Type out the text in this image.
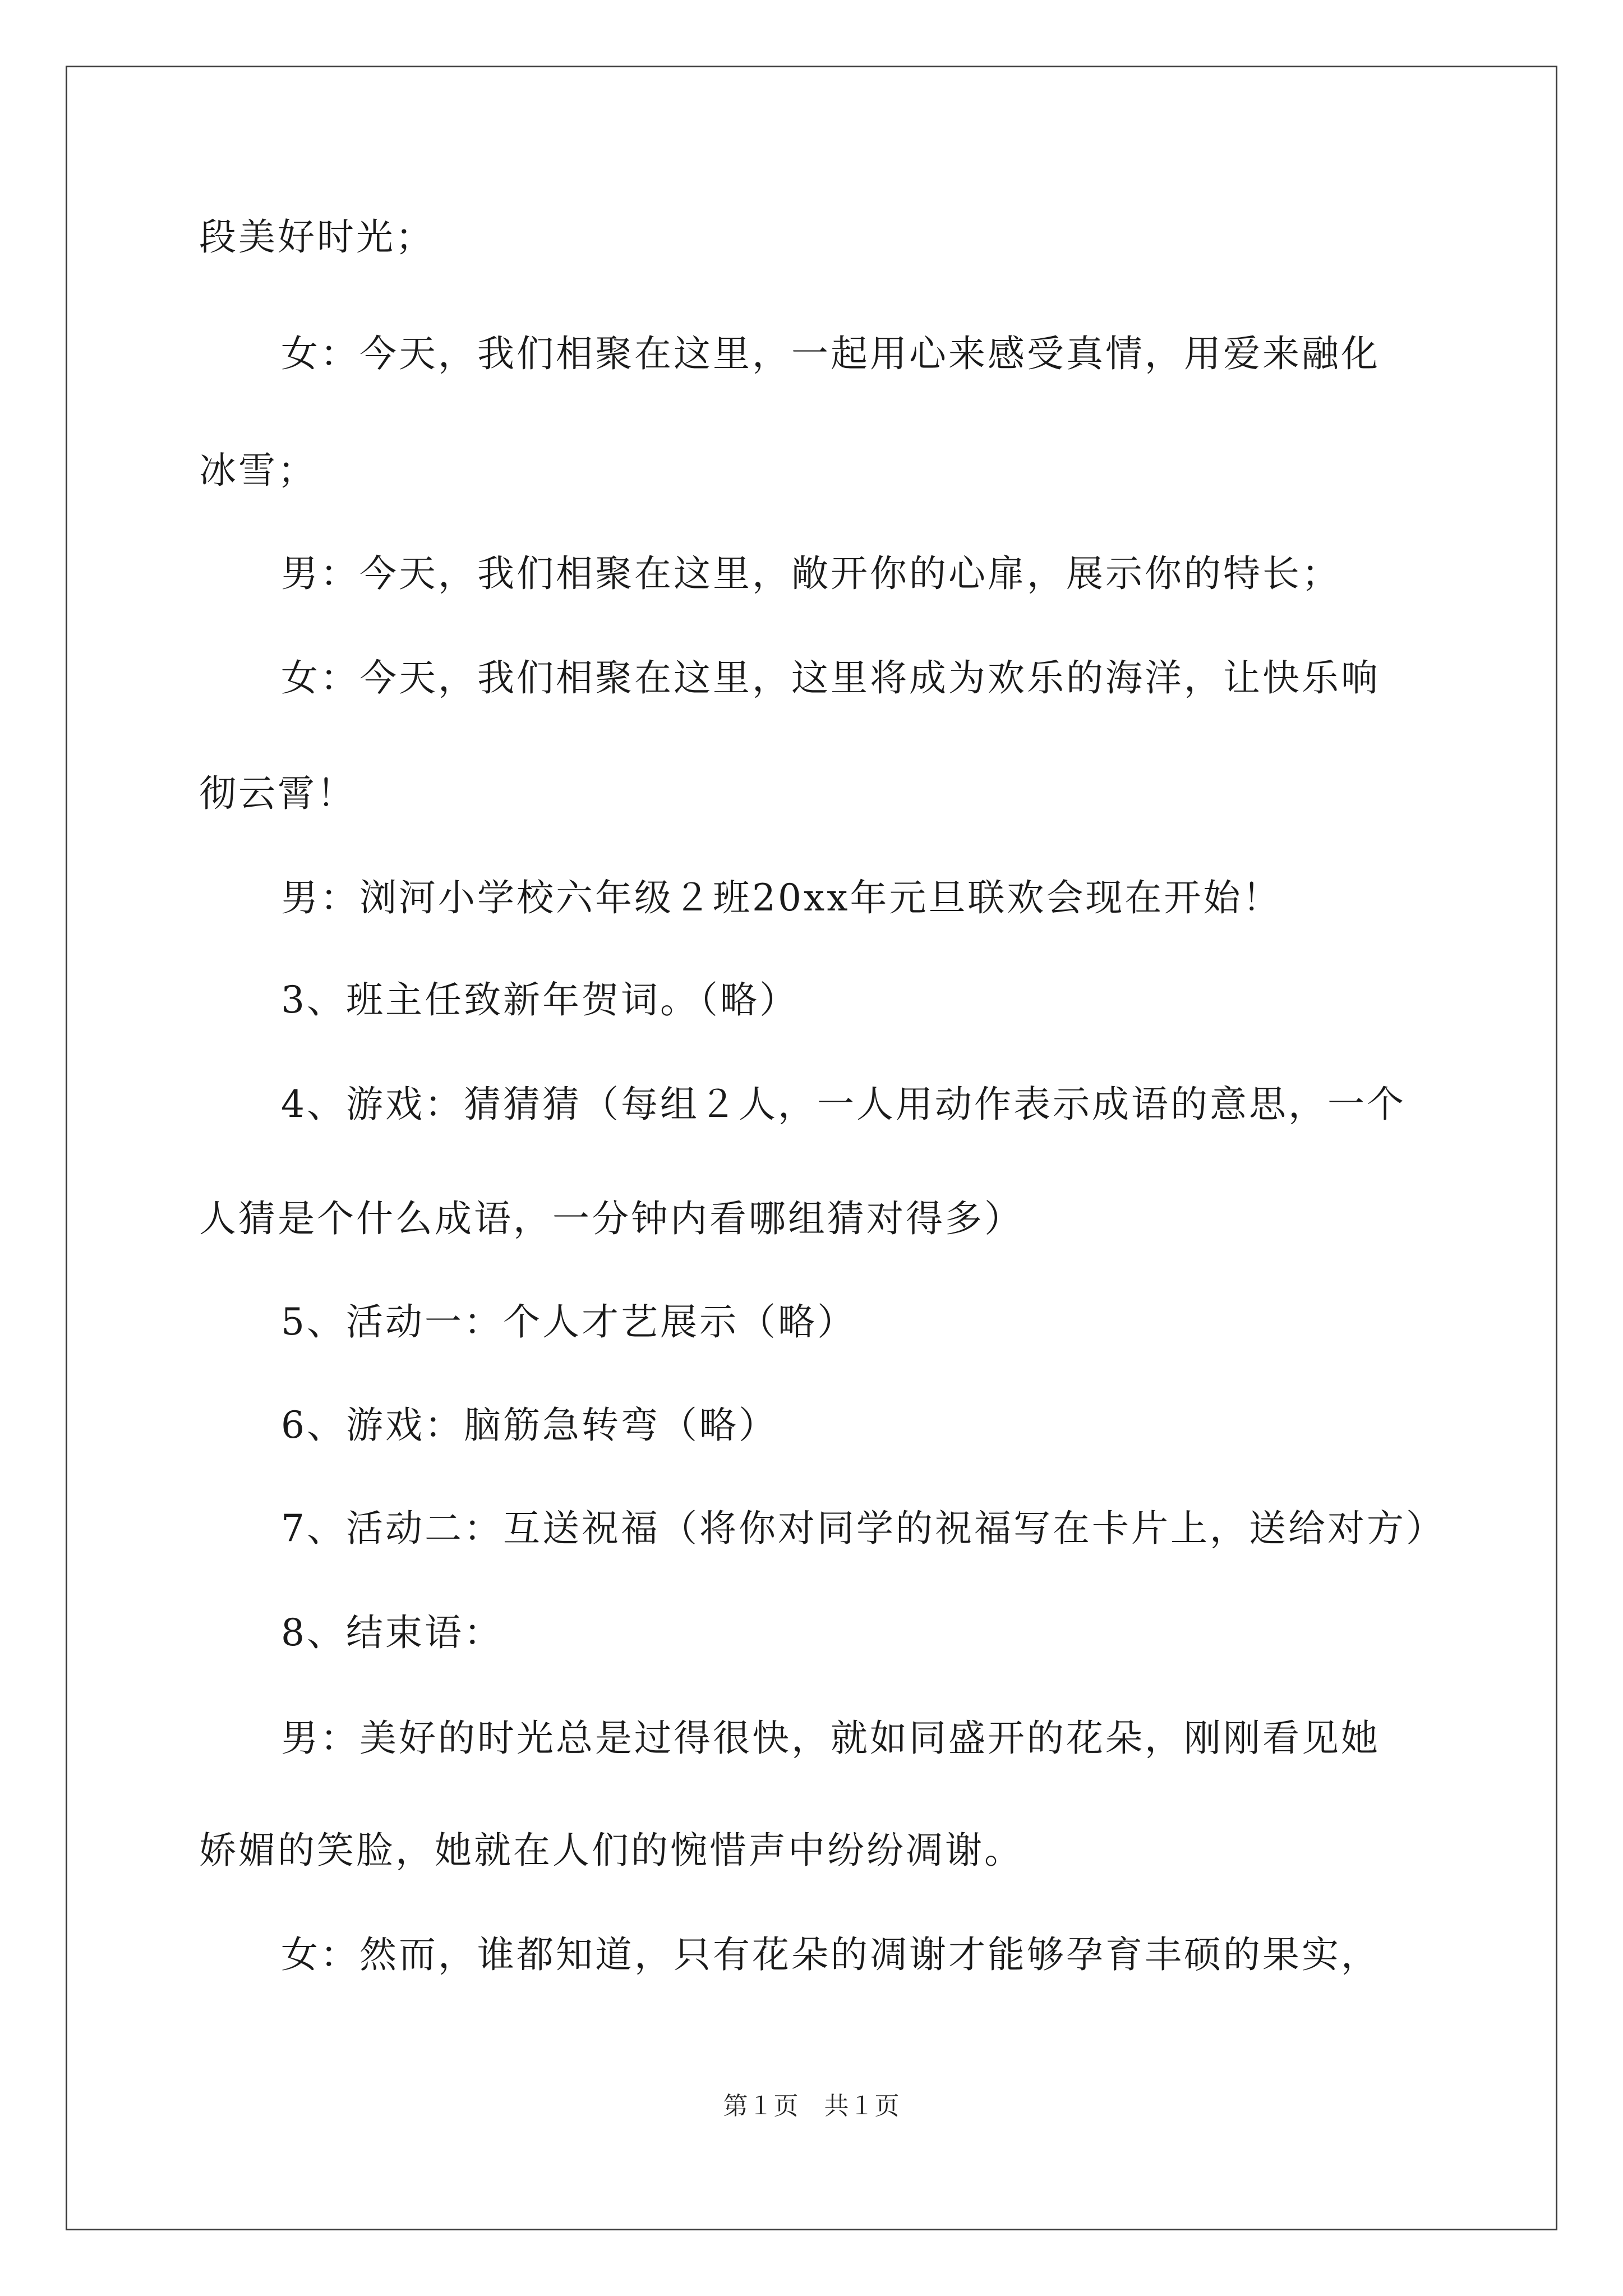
段美好时光；
女：今天，我们相聚在这里，一起用心来感受真情，用爱来融化
冰雪；
男：今天，我们相聚在这里，敞开你的心扉，展示你的特长；
女：今天，我们相聚在这里，这里将成为欢乐的海洋，让快乐响
彻云霄！
男：浏河小学校六年级２班20xx年元旦联欢会现在开始！
3、班主任致新年贺词。（略）
4、游戏：猜猜猜（每组２人，一人用动作表示成语的意思，一个
人猜是个什么成语，一分钟内看哪组猜对得多）
5、活动一：个人才艺展示（略）
6、游戏：脑筋急转弯（略）
7、活动二：互送祝福（将你对同学的祝福写在卡片上，送给对方）
8、结束语：
男：美好的时光总是过得很快，就如同盛开的花朵，刚刚看见她
娇媚的笑脸，她就在人们的惋惜声中纷纷凋谢。
女：然而，谁都知道，只有花朵的凋谢才能够孕育丰硕的果实，
第１页　共１页
